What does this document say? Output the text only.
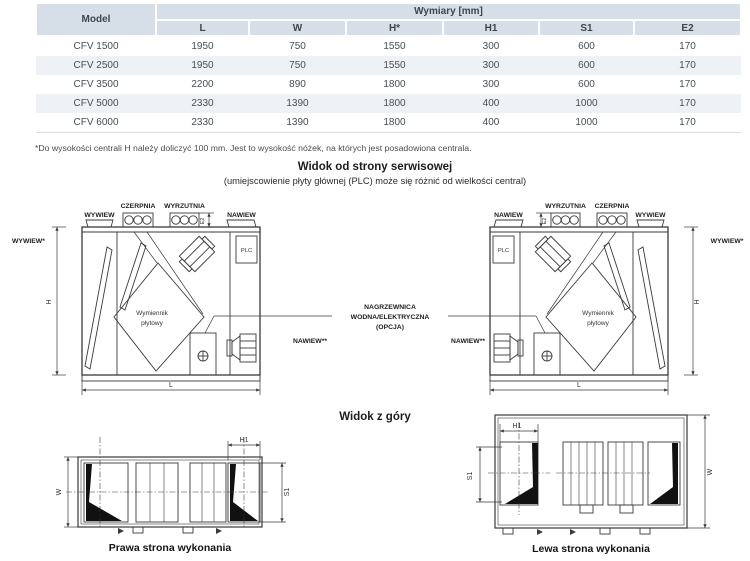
Model	Wymiary [mm]					
	L	W	H*	H1	S1	E2
CFV 1500	1950	750	1550	300	600	170
CFV 2500	1950	750	1550	300	600	170
CFV 3500	2200	890	1800	300	600	170
CFV 5000	2330	1390	1800	400	1000	170
CFV 6000	2330	1390	1800	400	1000	170
*Do wysokości centrali H należy doliczyć 100 mm. Jest to wysokość nóżek, na których jest posadowiona centrala.
Widok od strony serwisowej
(umiejscowienie płyty głównej (PLC) może się różnić od wielkości central)
WYWIEW
CZERPNIA WYRZUTNIA
NAWIEW
WYWIEW*
H
L
E2
PLC
Wymiennik
płytowy
NAWIEW**
NAWIEW
WYRZUTNIA CZERPNIA
WYWIEW
WYWIEW*
H
L
E2
PLC
Wymiennik
płytowy
NAWIEW**
NAGRZEWNICA
WODNA/ELEKTRYCZNA
(OPCJA)
Widok z góry
W
H1
S1
H1
S1	W
Prawa strona wykonania	Lewa strona wykonania
